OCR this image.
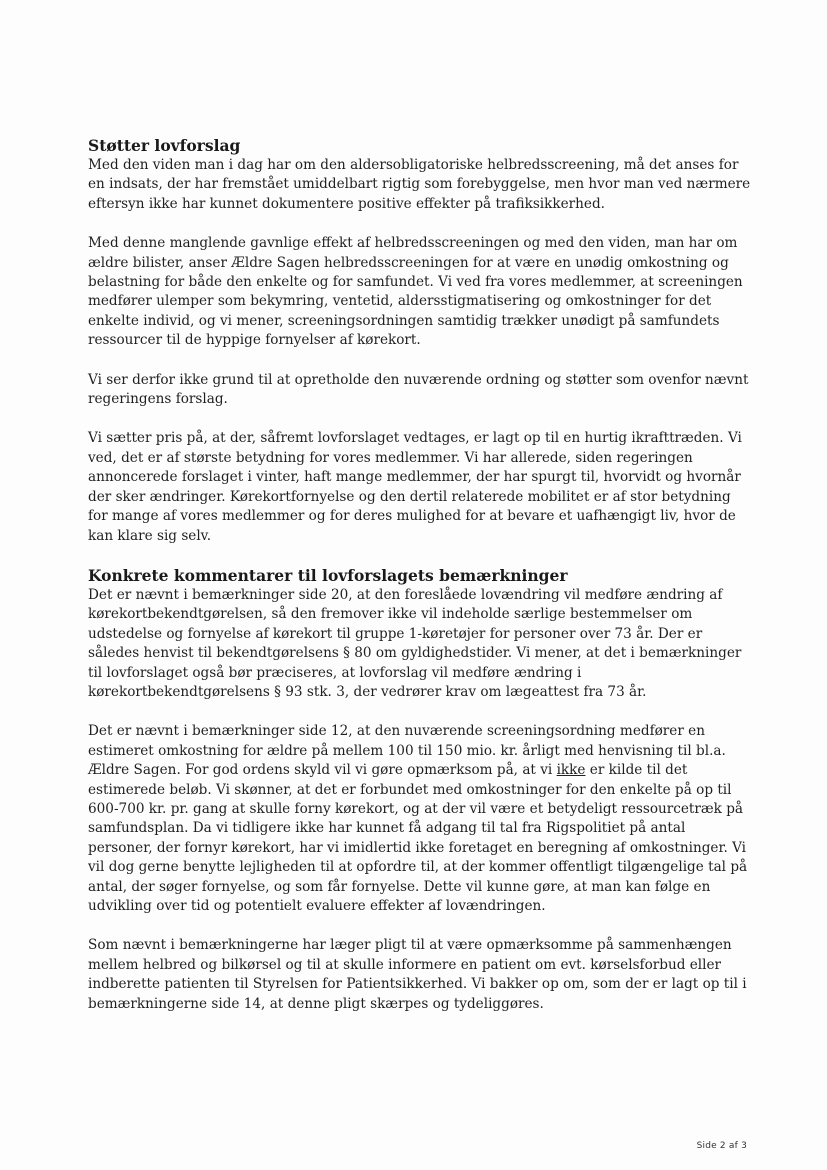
Støtter lovforslag

Med den viden man i dag har om den aldersobligatoriske helbredsscreening, må det anses for en indsats, der har fremstået umiddelbart rigtig som forebyggelse, men hvor man ved nærmere eftersyn ikke har kunnet dokumentere positive effekter på trafiksikkerhed.

Med denne manglende gavnlige effekt af helbredsscreeningen og med den viden, man har om ældre bilister, anser Ældre Sagen helbredsscreeningen for at være en unødig omkostning og belastning for både den enkelte og for samfundet. Vi ved fra vores medlemmer, at screeningen medfører ulemper som bekymring, ventetid, aldersstigmatisering og omkostninger for det enkelte individ, og vi mener, screeningsordningen samtidig trækker unødigt på samfundets ressourcer til de hyppige fornyelser af kørekort.

Vi ser derfor ikke grund til at opretholde den nuværende ordning og støtter som ovenfor nævnt regeringens forslag.

Vi sætter pris på, at der, såfremt lovforslaget vedtages, er lagt op til en hurtig ikrafttræden. Vi ved, det er af største betydning for vores medlemmer. Vi har allerede, siden regeringen annoncerede forslaget i vinter, haft mange medlemmer, der har spurgt til, hvorvidt og hvornår der sker ændringer. Kørekortfornyelse og den dertil relaterede mobilitet er af stor betydning for mange af vores medlemmer og for deres mulighed for at bevare et uafhængigt liv, hvor de kan klare sig selv.

Konkrete kommentarer til lovforslagets bemærkninger

Det er nævnt i bemærkninger side 20, at den foreslåede lovændring vil medføre ændring af kørekortbekendtgørelsen, så den fremover ikke vil indeholde særlige bestemmelser om udstedelse og fornyelse af kørekort til gruppe 1-køretøjer for personer over 73 år. Der er således henvist til bekendtgørelsens § 80 om gyldighedstider. Vi mener, at det i bemærkninger til lovforslaget også bør præciseres, at lovforslag vil medføre ændring i kørekortbekendtgørelsens § 93 stk. 3, der vedrører krav om lægeattest fra 73 år.

Det er nævnt i bemærkninger side 12, at den nuværende screeningsordning medfører en estimeret omkostning for ældre på mellem 100 til 150 mio. kr. årligt med henvisning til bl.a. Ældre Sagen. For god ordens skyld vil vi gøre opmærksom på, at vi ikke er kilde til det estimerede beløb. Vi skønner, at det er forbundet med omkostninger for den enkelte på op til 600-700 kr. pr. gang at skulle forny kørekort, og at der vil være et betydeligt ressourcetræk på samfundsplan. Da vi tidligere ikke har kunnet få adgang til tal fra Rigspolitiet på antal personer, der fornyr kørekort, har vi imidlertid ikke foretaget en beregning af omkostninger. Vi vil dog gerne benytte lejligheden til at opfordre til, at der kommer offentligt tilgængelige tal på antal, der søger fornyelse, og som får fornyelse. Dette vil kunne gøre, at man kan følge en udvikling over tid og potentielt evaluere effekter af lovændringen.

Som nævnt i bemærkningerne har læger pligt til at være opmærksomme på sammenhængen mellem helbred og bilkørsel og til at skulle informere en patient om evt. kørselsforbud eller indberette patienten til Styrelsen for Patientsikkerhed. Vi bakker op om, som der er lagt op til i bemærkningerne side 14, at denne pligt skærpes og tydeliggøres.

Side 2 af 3
